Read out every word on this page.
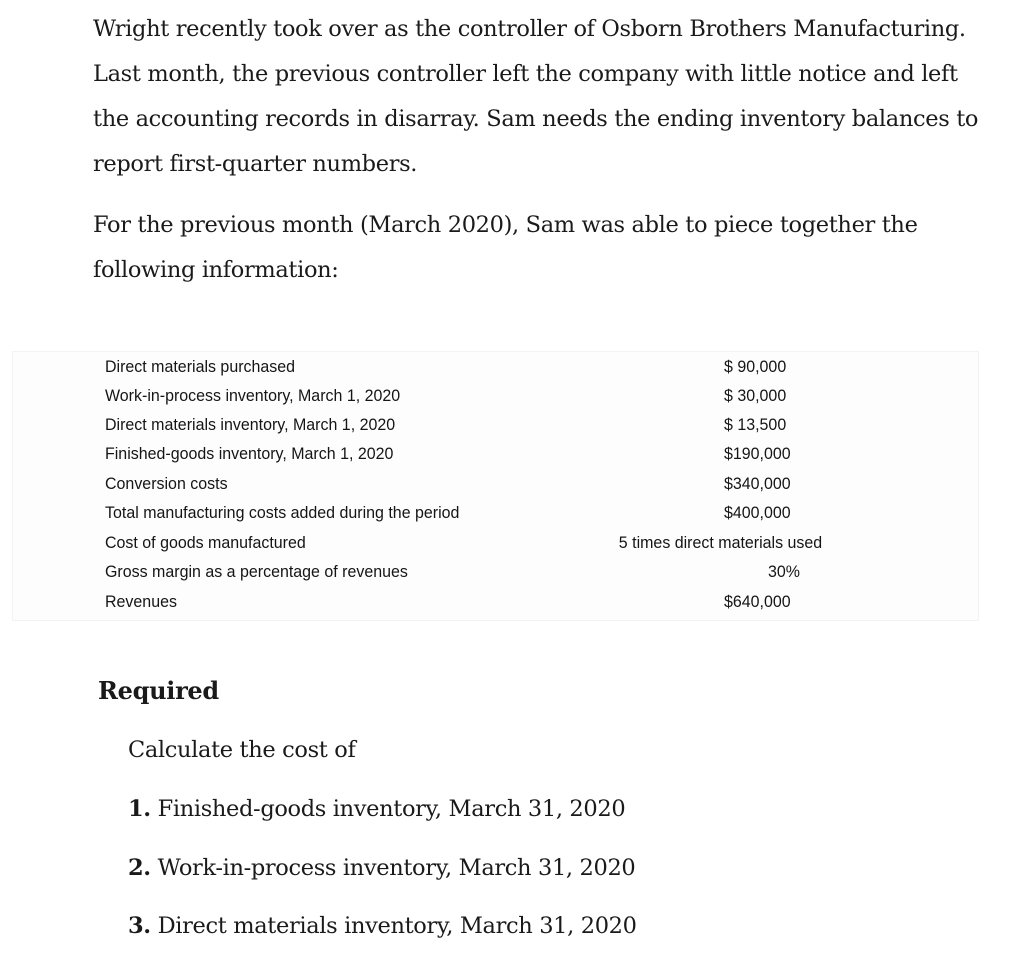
Wright recently took over as the controller of Osborn Brothers Manufacturing. Last month, the previous controller left the company with little notice and left the accounting records in disarray. Sam needs the ending inventory balances to report first-quarter numbers.

For the previous month (March 2020), Sam was able to piece together the following information:

Direct materials purchased	$ 90,000
Work-in-process inventory, March 1, 2020	$ 30,000
Direct materials inventory, March 1, 2020	$ 13,500
Finished-goods inventory, March 1, 2020	$190,000
Conversion costs	$340,000
Total manufacturing costs added during the period	$400,000
Cost of goods manufactured	5 times direct materials used
Gross margin as a percentage of revenues	30%
Revenues	$640,000
Required

Calculate the cost of

1. Finished-goods inventory, March 31, 2020
2. Work-in-process inventory, March 31, 2020
3. Direct materials inventory, March 31, 2020
